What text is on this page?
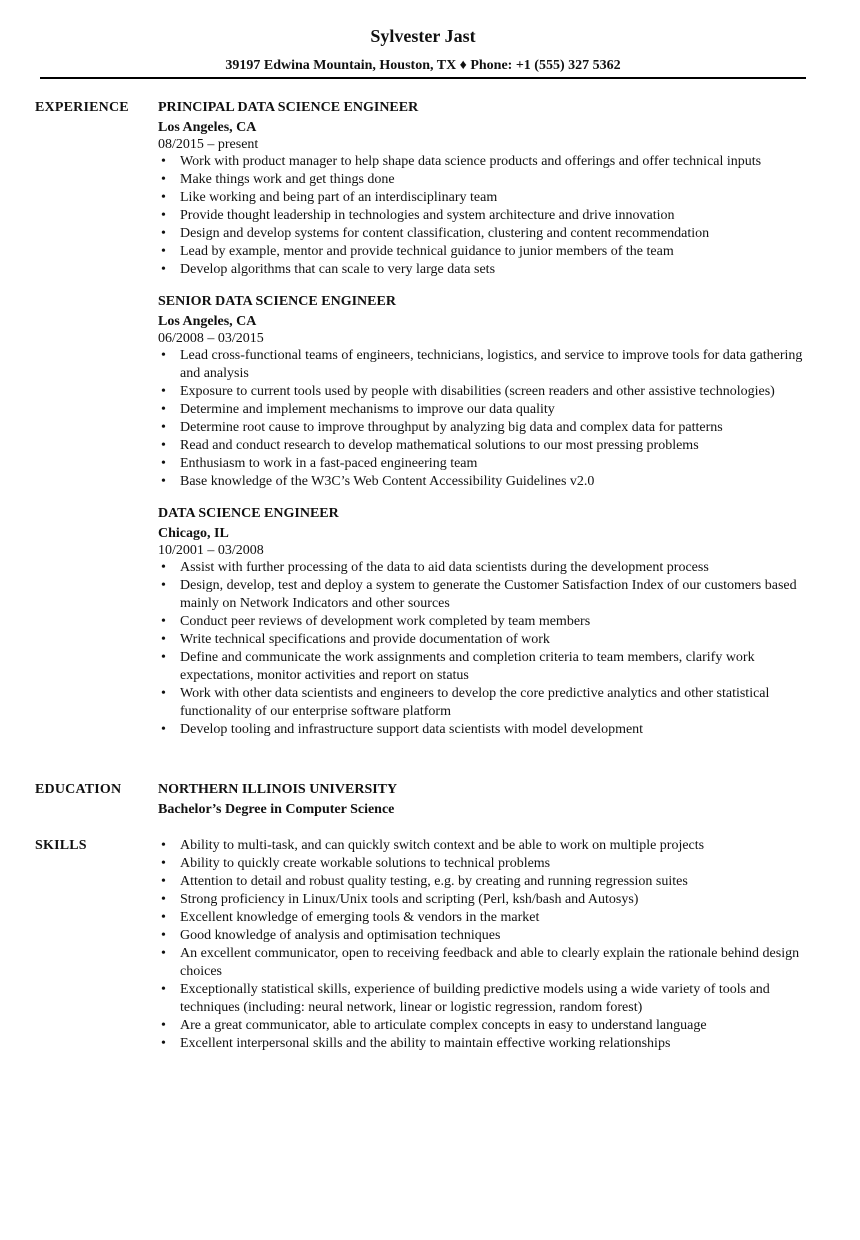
Sylvester Jast
39197 Edwina Mountain, Houston, TX ♦ Phone: +1 (555) 327 5362
EXPERIENCE PRINCIPAL DATA SCIENCE ENGINEER
Los Angeles, CA
08/2015 – present
• Work with product manager to help shape data science products and offerings and offer technical inputs
• Make things work and get things done
• Like working and being part of an interdisciplinary team
• Provide thought leadership in technologies and system architecture and drive innovation
• Design and develop systems for content classification, clustering and content recommendation
• Lead by example, mentor and provide technical guidance to junior members of the team
• Develop algorithms that can scale to very large data sets
SENIOR DATA SCIENCE ENGINEER
Los Angeles, CA
06/2008 – 03/2015
• Lead cross-functional teams of engineers, technicians, logistics, and service to improve tools for data gathering and analysis
• Exposure to current tools used by people with disabilities (screen readers and other assistive technologies)
• Determine and implement mechanisms to improve our data quality
• Determine root cause to improve throughput by analyzing big data and complex data for patterns
• Read and conduct research to develop mathematical solutions to our most pressing problems
• Enthusiasm to work in a fast-paced engineering team
• Base knowledge of the W3C’s Web Content Accessibility Guidelines v2.0
DATA SCIENCE ENGINEER
Chicago, IL
10/2001 – 03/2008
• Assist with further processing of the data to aid data scientists during the development process
• Design, develop, test and deploy a system to generate the Customer Satisfaction Index of our customers based mainly on Network Indicators and other sources
• Conduct peer reviews of development work completed by team members
• Write technical specifications and provide documentation of work
• Define and communicate the work assignments and completion criteria to team members, clarify work expectations, monitor activities and report on status
• Work with other data scientists and engineers to develop the core predictive analytics and other statistical functionality of our enterprise software platform
• Develop tooling and infrastructure support data scientists with model development
EDUCATION	NORTHERN ILLINOIS UNIVERSITY
Bachelor’s Degree in Computer Science
SKILLS	• Ability to multi-task, and can quickly switch context and be able to work on multiple projects
• Ability to quickly create workable solutions to technical problems
• Attention to detail and robust quality testing, e.g. by creating and running regression suites
• Strong proficiency in Linux/Unix tools and scripting (Perl, ksh/bash and Autosys)
• Excellent knowledge of emerging tools & vendors in the market
• Good knowledge of analysis and optimisation techniques
• An excellent communicator, open to receiving feedback and able to clearly explain the rationale behind design choices
• Exceptionally statistical skills, experience of building predictive models using a wide variety of tools and techniques (including: neural network, linear or logistic regression, random forest)
• Are a great communicator, able to articulate complex concepts in easy to understand language
• Excellent interpersonal skills and the ability to maintain effective working relationships
